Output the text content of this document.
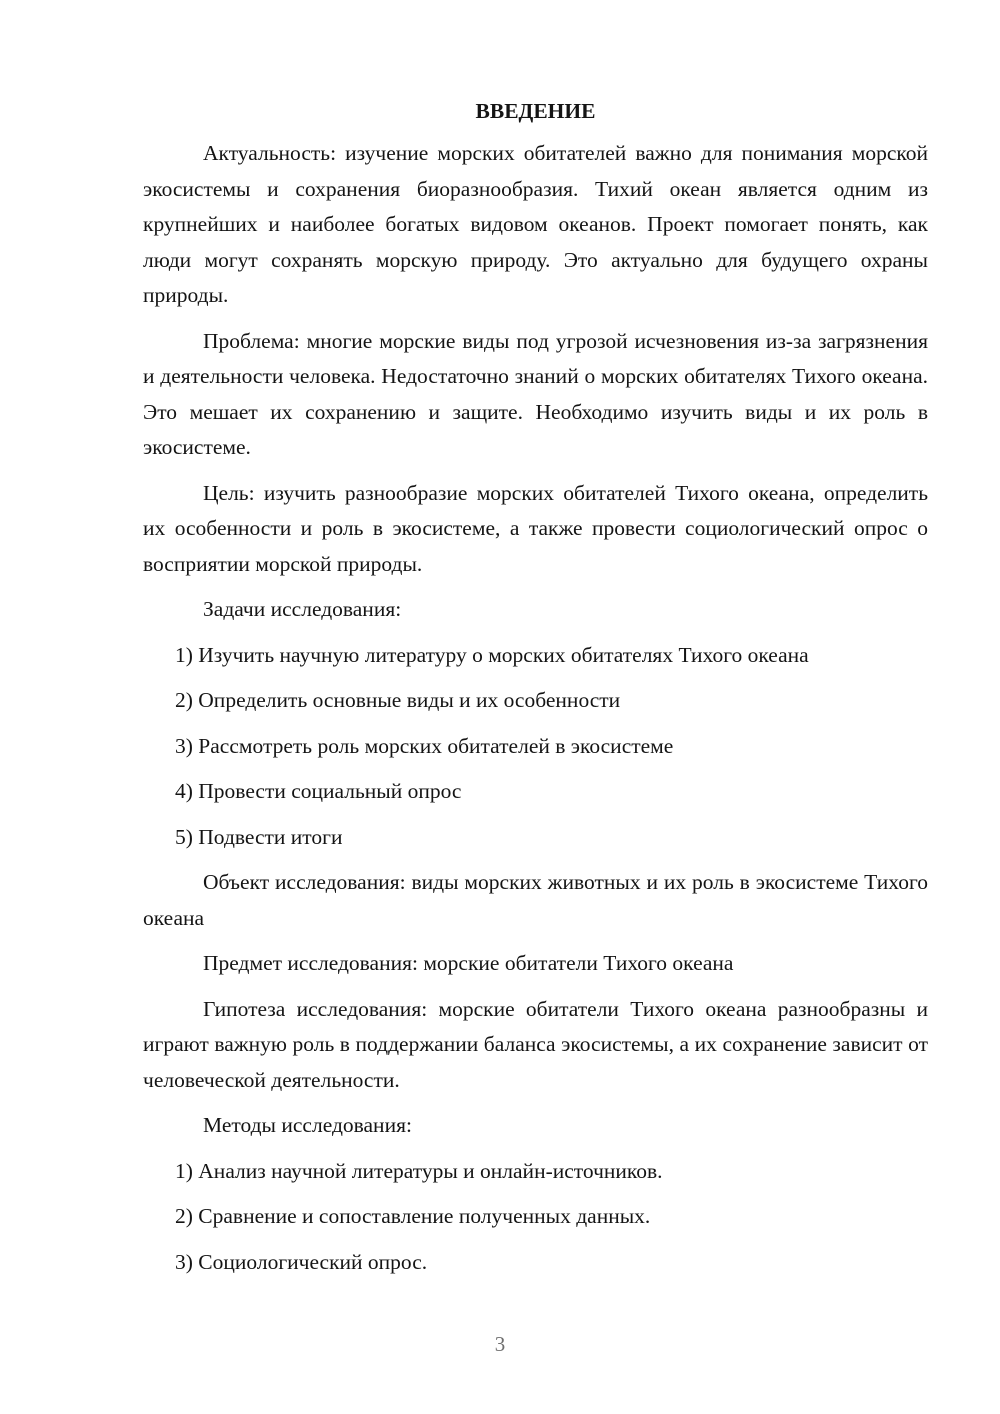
ВВЕДЕНИЕ

Актуальность: изучение морских обитателей важно для понимания морской экосистемы и сохранения биоразнообразия. Тихий океан является одним из крупнейших и наиболее богатых видовом океанов. Проект помогает понять, как люди могут сохранять морскую природу. Это актуально для будущего охраны природы.

Проблема: многие морские виды под угрозой исчезновения из-за загрязнения и деятельности человека. Недостаточно знаний о морских обитателях Тихого океана. Это мешает их сохранению и защите. Необходимо изучить виды и их роль в экосистеме.

Цель: изучить разнообразие морских обитателей Тихого океана, определить их особенности и роль в экосистеме, а также провести социологический опрос о восприятии морской природы.

Задачи исследования:

1) Изучить научную литературу о морских обитателях Тихого океана
2) Определить основные виды и их особенности
3) Рассмотреть роль морских обитателей в экосистеме
4) Провести социальный опрос
5) Подвести итоги

Объект исследования: виды морских животных и их роль в экосистеме Тихого океана

Предмет исследования: морские обитатели Тихого океана

Гипотеза исследования: морские обитатели Тихого океана разнообразны и играют важную роль в поддержании баланса экосистемы, а их сохранение зависит от человеческой деятельности.

Методы исследования:

1) Анализ научной литературы и онлайн-источников.
2) Сравнение и сопоставление полученных данных.
3) Социологический опрос.
3
